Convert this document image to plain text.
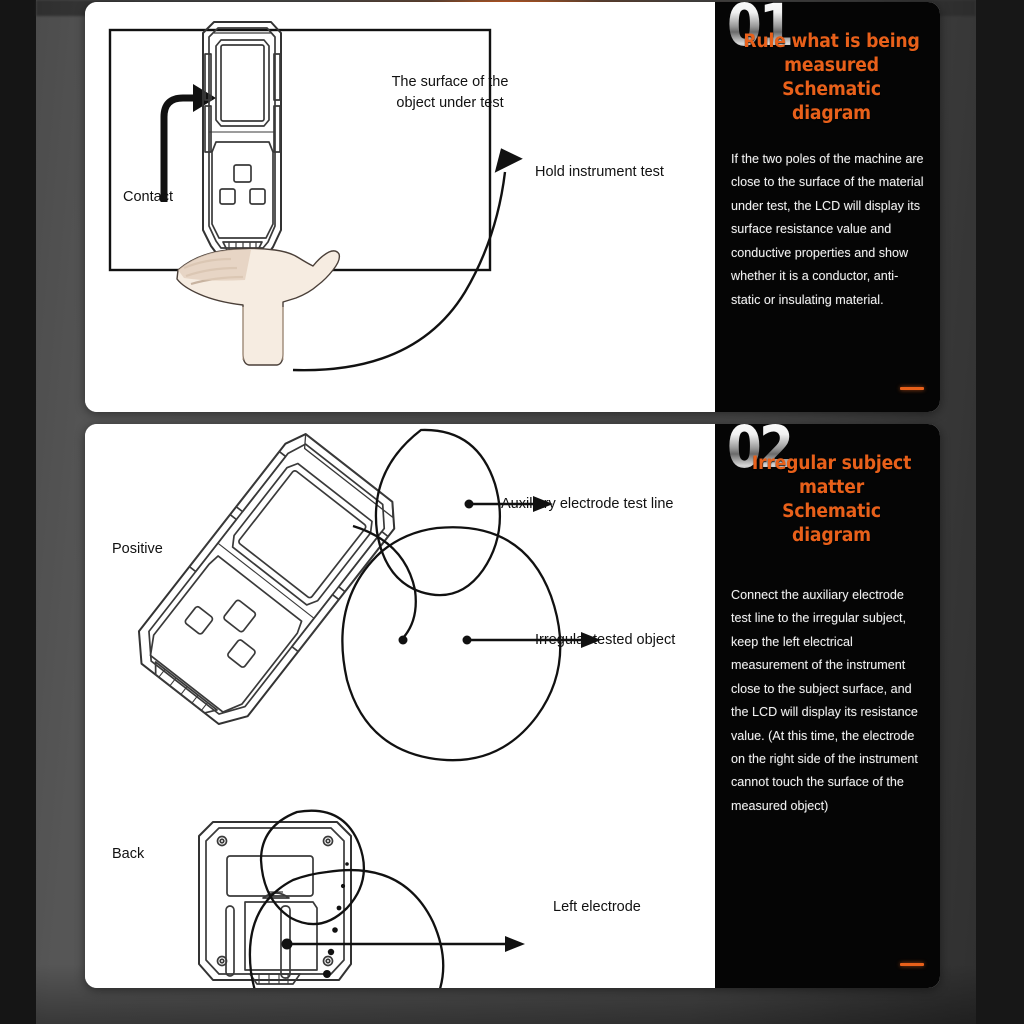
The surface of the
object under test
Hold instrument test
Contact
01
Rule what is being
measured
Schematic diagram
If the two poles of the machine are close to the surface of the material under test, the LCD will display its surface resistance value and conductive properties and show whether it is a conductor, anti-static or insulating material.
Positive
Auxiliary electrode test line
Irregular tested object
Back
Left electrode
02
Irregular subject
matter
Schematic diagram
Connect the auxiliary electrode test line to the irregular subject, keep the left electrical measurement of the instrument close to the subject surface, and the LCD will display its resistance value. (At this time, the electrode on the right side of the instrument cannot touch the surface of the measured object)
